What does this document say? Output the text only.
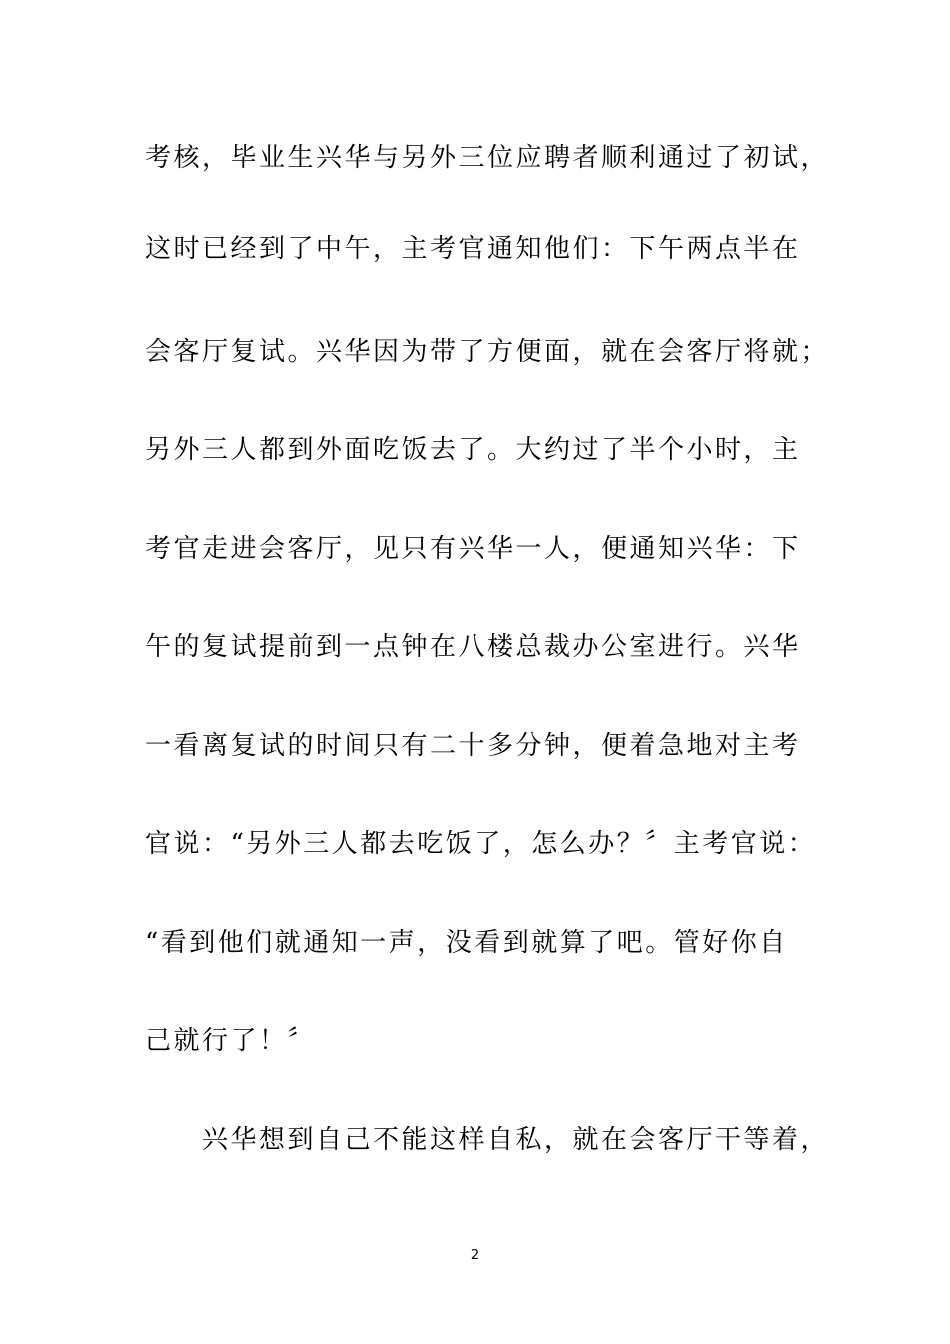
考核，毕业生兴华与另外三位应聘者顺利通过了初试，
这时已经到了中午，主考官通知他们：下午两点半在
会客厅复试。兴华因为带了方便面，就在会客厅将就；
另外三人都到外面吃饭去了。大约过了半个小时，主
考官走进会客厅，见只有兴华一人，便通知兴华：下
午的复试提前到一点钟在八楼总裁办公室进行。兴华
一看离复试的时间只有二十多分钟，便着急地对主考
官说：“另外三人都去吃饭了，怎么办？〞主考官说：
“看到他们就通知一声，没看到就算了吧。管好你自
己就行了！〞
兴华想到自己不能这样自私，就在会客厅干等着，
2
